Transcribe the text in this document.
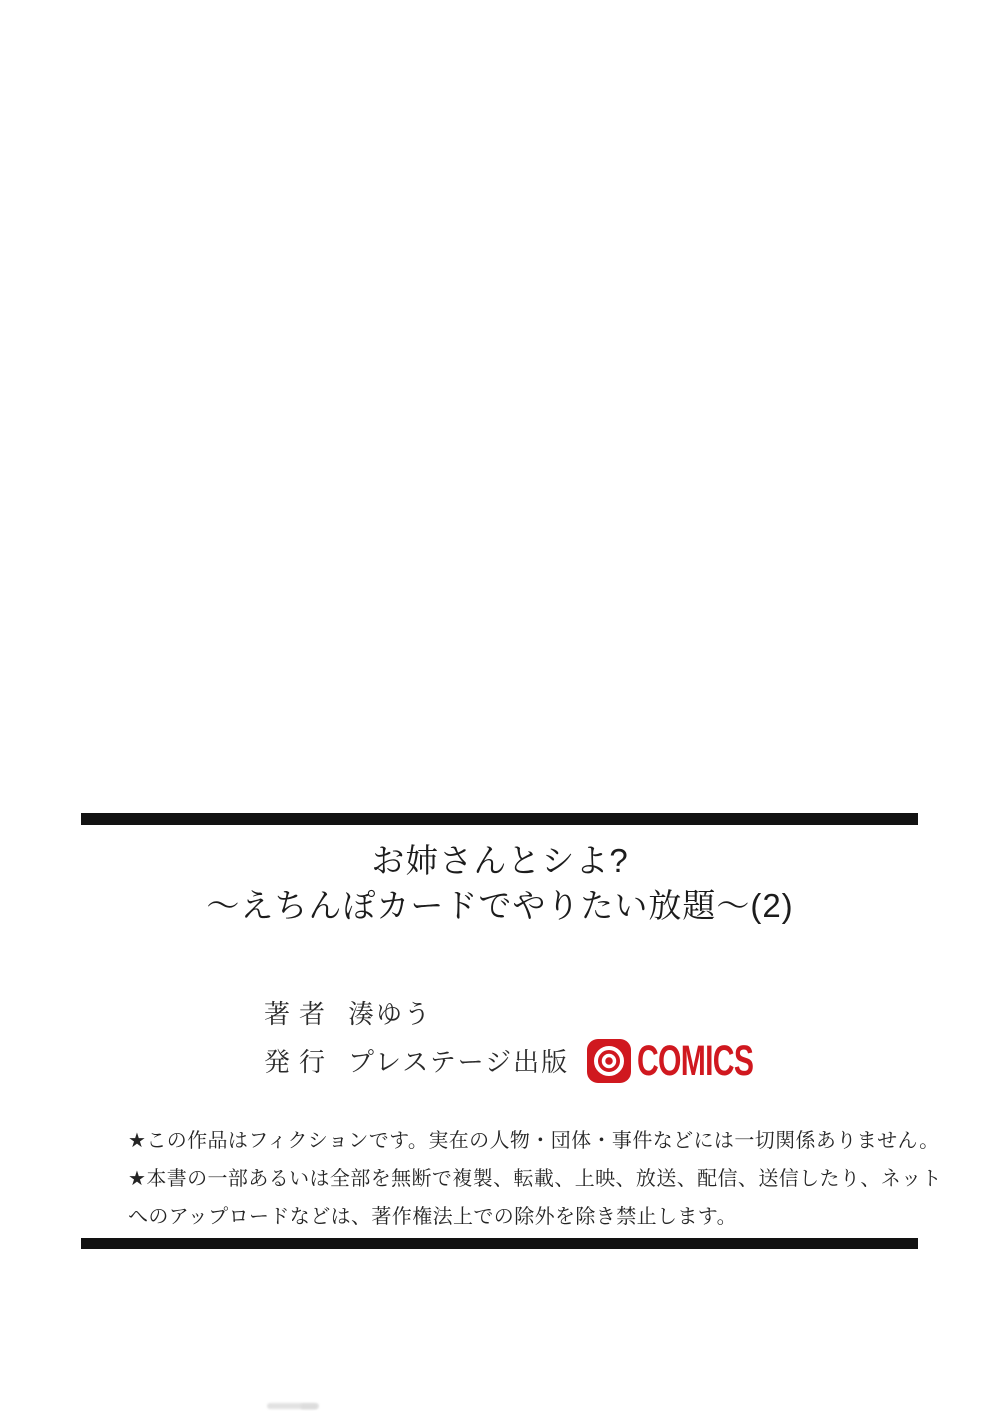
お姉さんとシよ?
〜えちんぽカードでやりたい放題〜(2)
著者 湊ゆう
発行 プレステージ出版 COMICS
★この作品はフィクションです。実在の人物・団体・事件などには一切関係ありません。
★本書の一部あるいは全部を無断で複製、転載、上映、放送、配信、送信したり、ネット
へのアップロードなどは、著作権法上での除外を除き禁止します。
